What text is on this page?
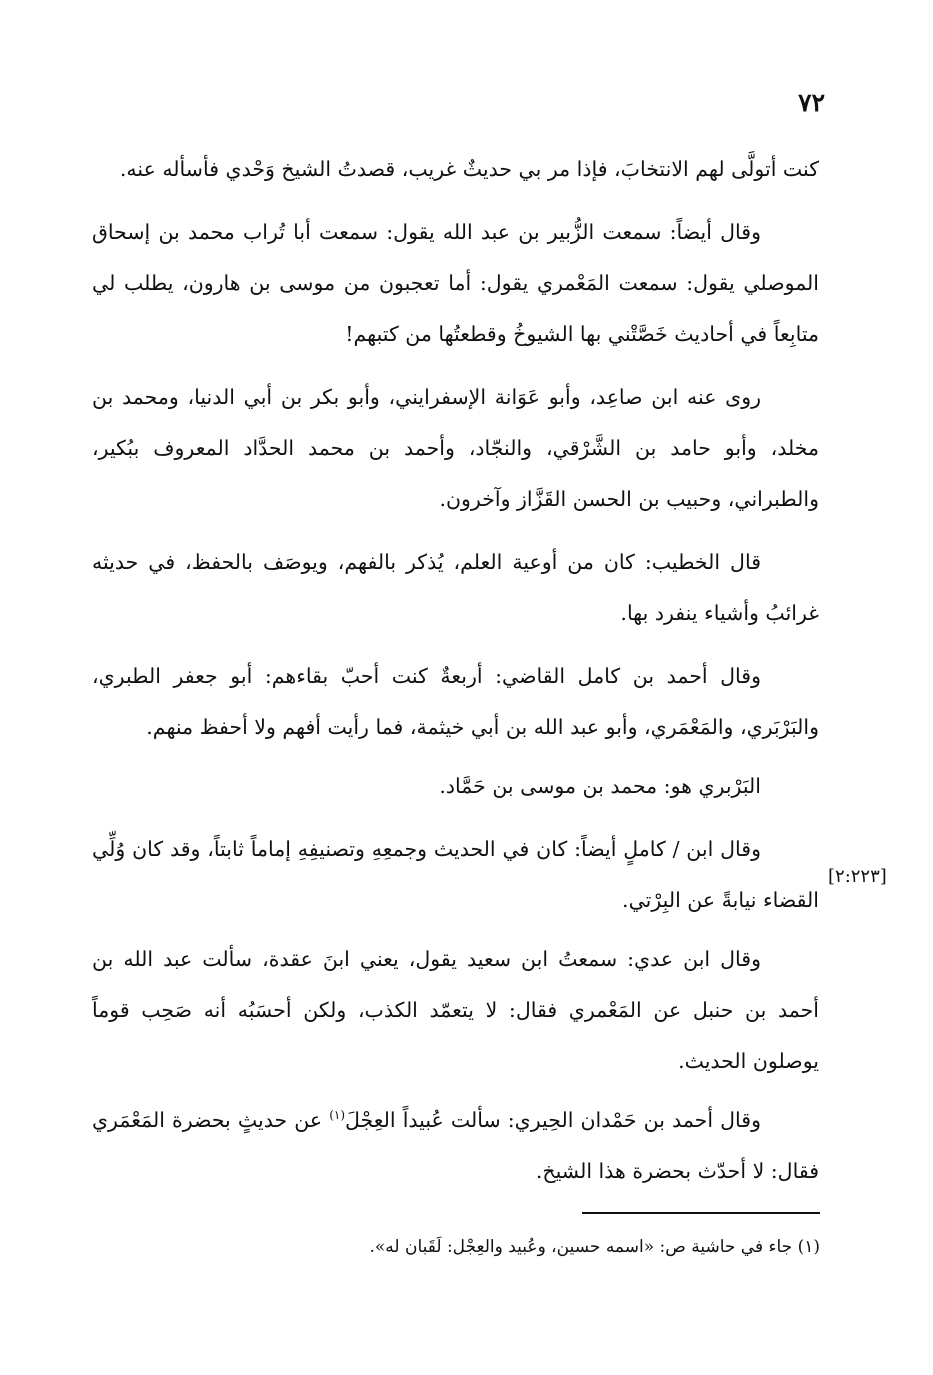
٧٢
[٢:٢٢٣]

كنت أتولَّى لهم الانتخابَ، فإذا مر بي حديثٌ غريب، قصدتُ الشيخ وَحْدي فأسأله عنه.

وقال أيضاً: سمعت الزُّبير بن عبد الله يقول: سمعت أبا تُراب محمد بن إسحاق الموصلي يقول: سمعت المَعْمري يقول: أما تعجبون من موسى بن هارون، يطلب لي متابِعاً في أحاديث خَصَّتْني بها الشيوخُ وقطعتُها من كتبهم!

روى عنه ابن صاعِد، وأبو عَوَانة الإسفرايني، وأبو بكر بن أبي الدنيا، ومحمد بن مخلد، وأبو حامد بن الشَّرْقي، والنجّاد، وأحمد بن محمد الحدَّاد المعروف ببُكير، والطبراني، وحبيب بن الحسن القَزَّاز وآخرون.

قال الخطيب: كان من أوعية العلم، يُذكر بالفهم، ويوصَف بالحفظ، في حديثه غرائبُ وأشياء ينفرد بها.

وقال أحمد بن كامل القاضي: أربعةٌ كنت أحبّ بقاءهم: أبو جعفر الطبري، والبَرْبَري، والمَعْمَري، وأبو عبد الله بن أبي خيثمة، فما رأيت أفهم ولا أحفظ منهم.

البَرْبري هو: محمد بن موسى بن حَمَّاد.

وقال ابن / كاملٍ أيضاً: كان في الحديث وجمعِهِ وتصنيفِهِ إماماً ثابتاً، وقد كان وُلِّي القضاء نيابةً عن البِرْتي.

وقال ابن عدي: سمعتُ ابن سعيد يقول، يعني ابنَ عقدة، سألت عبد الله بن أحمد بن حنبل عن المَعْمري فقال: لا يتعمّد الكذب، ولكن أحسَبُه أنه صَحِب قوماً يوصلون الحديث.

وقال أحمد بن حَمْدان الحِيري: سألت عُبيداً العِجْلَ$^{(١)}$ عن حديثٍ بحضرة المَعْمَري فقال: لا أحدّث بحضرة هذا الشيخ.

(١) جاء في حاشية ص: «اسمه حسين، وعُبيد والعِجْل: لَقَبان له».
